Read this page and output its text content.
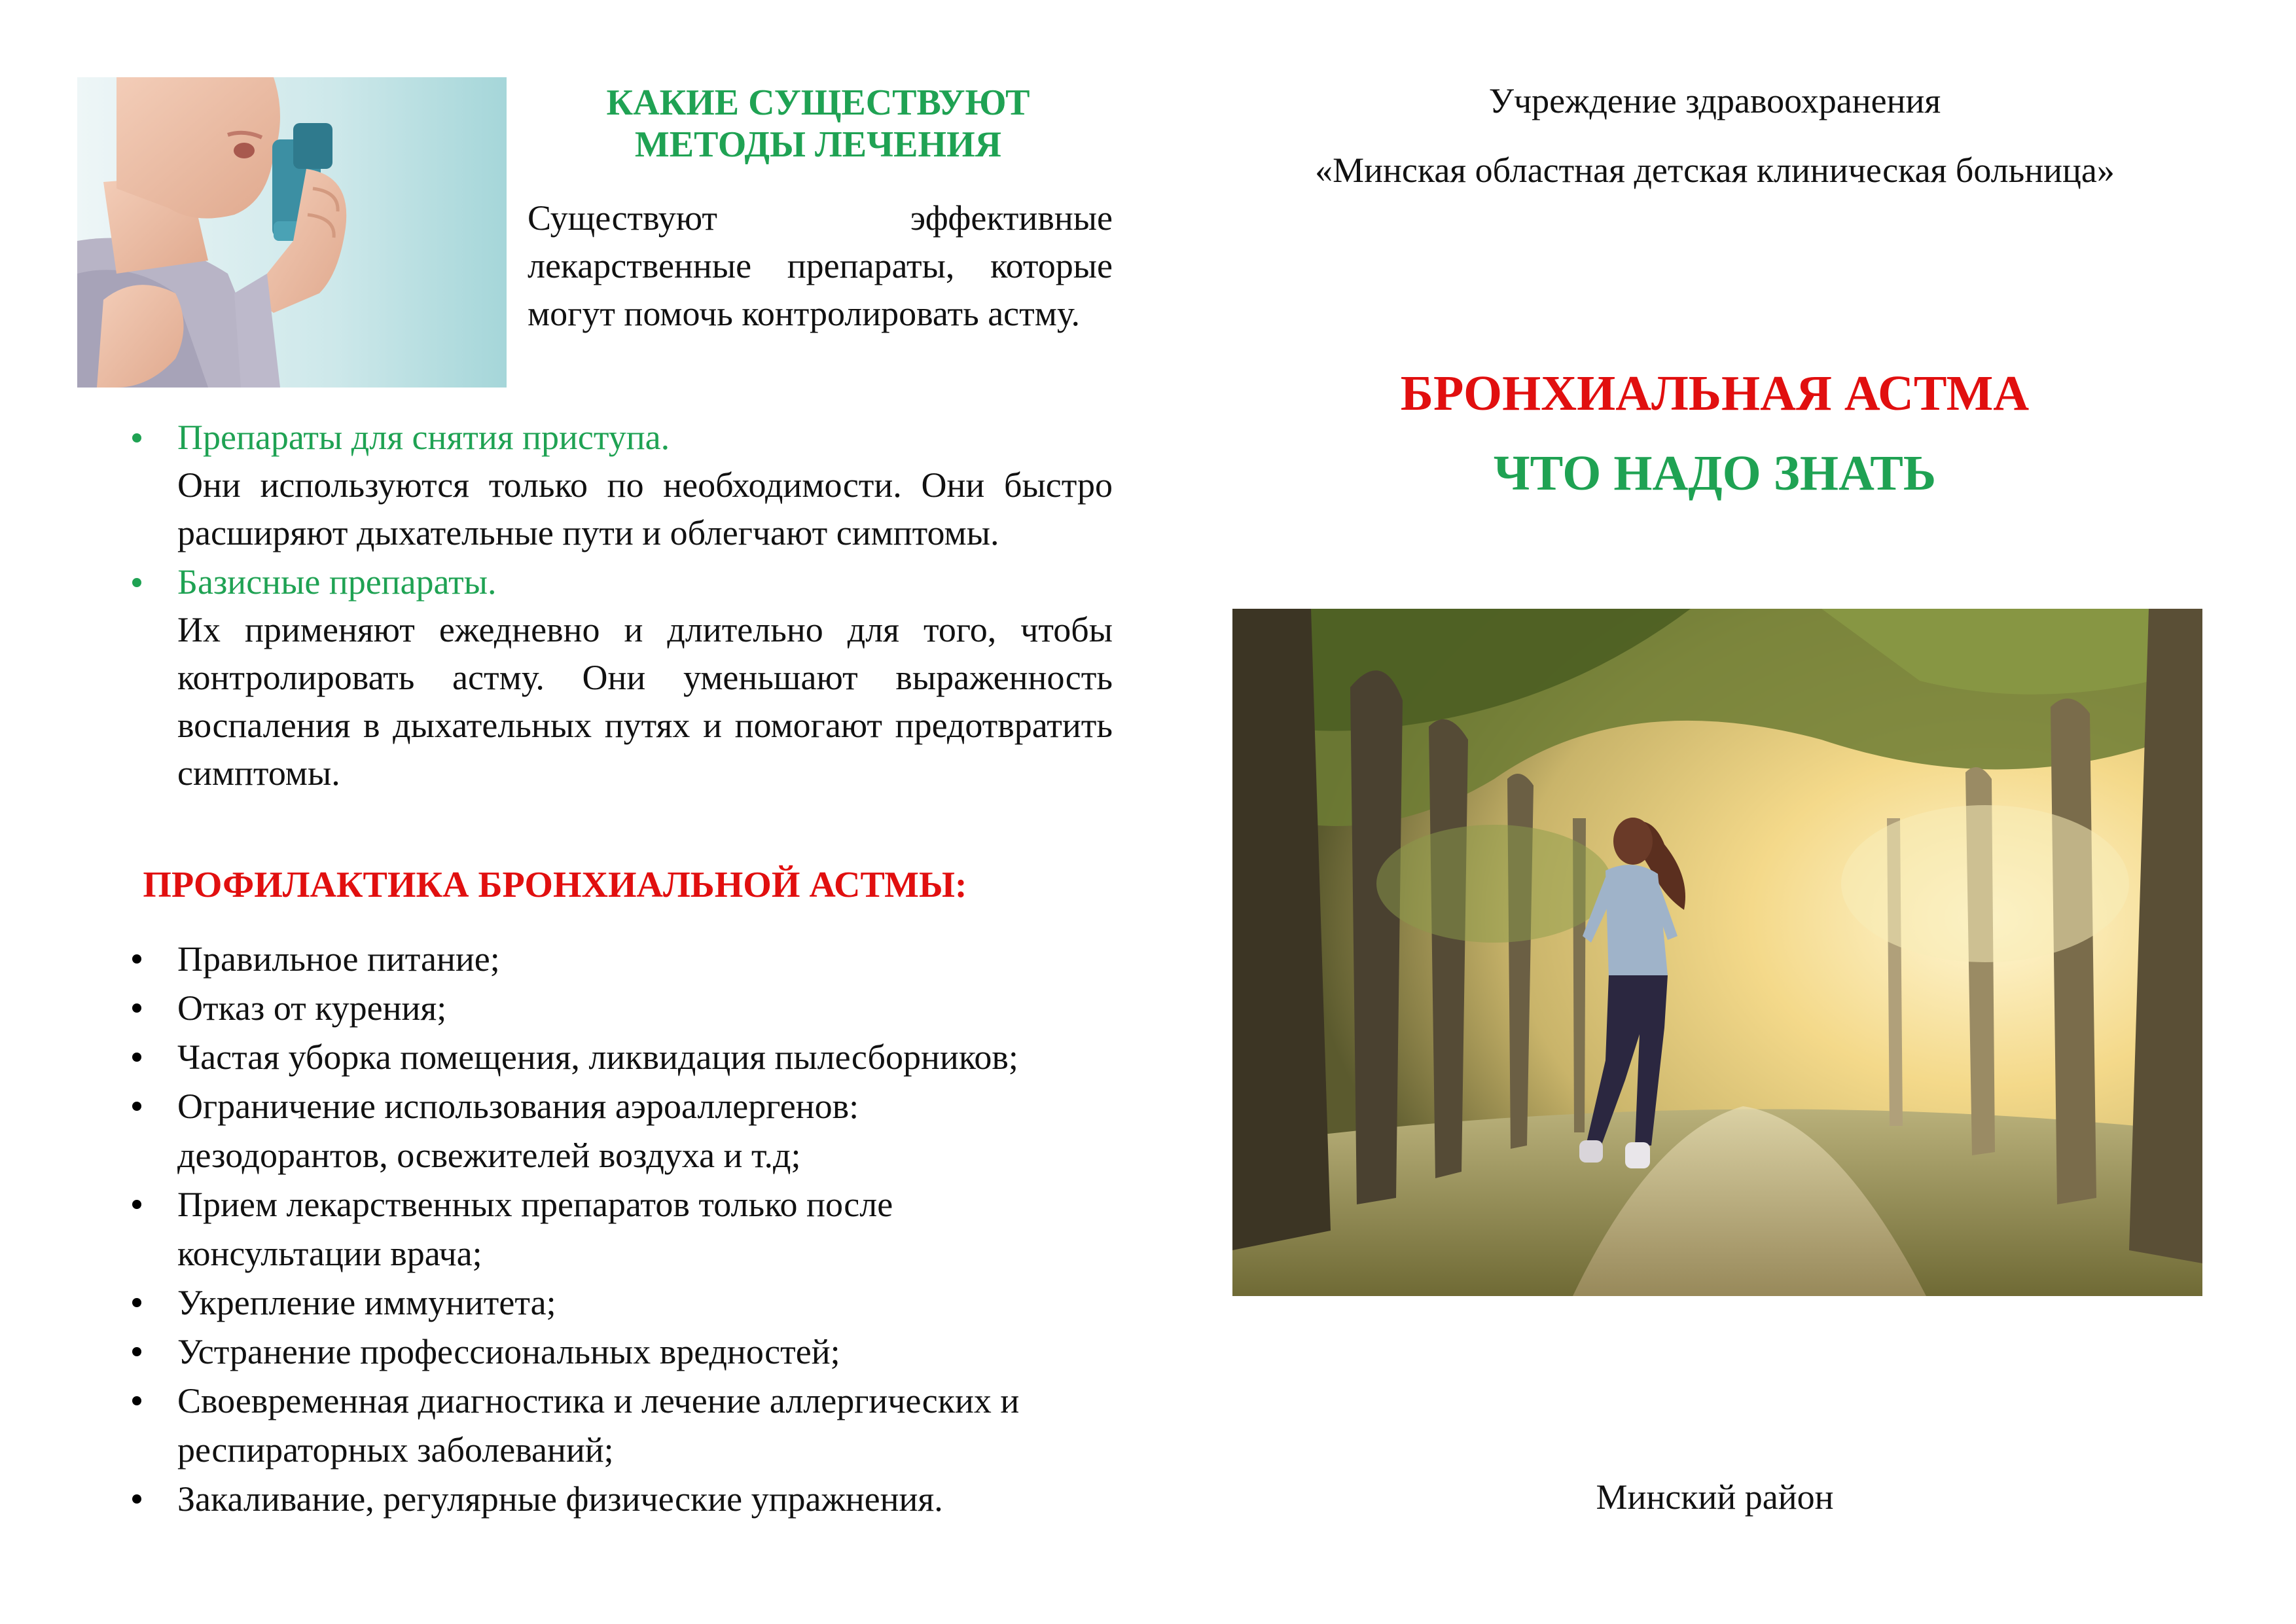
КАКИЕ СУЩЕСТВУЮТ
МЕТОДЫ ЛЕЧЕНИЯ
Существуют эффективные лекарственные препараты, которые могут помочь контролировать астму.
Препараты для снятия приступа.
Они используются только по необходимости. Они быстро расширяют дыхательные пути и облегчают симптомы.
Базисные препараты.
Их применяют ежедневно и длительно для того, чтобы контролировать астму. Они уменьшают выраженность воспаления в дыхательных путях и помогают предотвратить симптомы.
ПРОФИЛАКТИКА БРОНХИАЛЬНОЙ АСТМЫ:
Правильное питание;
Отказ от курения;
Частая уборка помещения, ликвидация пылесборников;
Ограничение использования аэроаллергенов: дезодорантов, освежителей воздуха и т.д;
Прием лекарственных препаратов только после консультации врача;
Укрепление иммунитета;
Устранение профессиональных вредностей;
Своевременная диагностика и лечение аллергических и респираторных заболеваний;
Закаливание, регулярные физические упражнения.
Учреждение здравоохранения
«Минская областная детская клиническая больница»
БРОНХИАЛЬНАЯ АСТМА
ЧТО НАДО ЗНАТЬ
Минский район
